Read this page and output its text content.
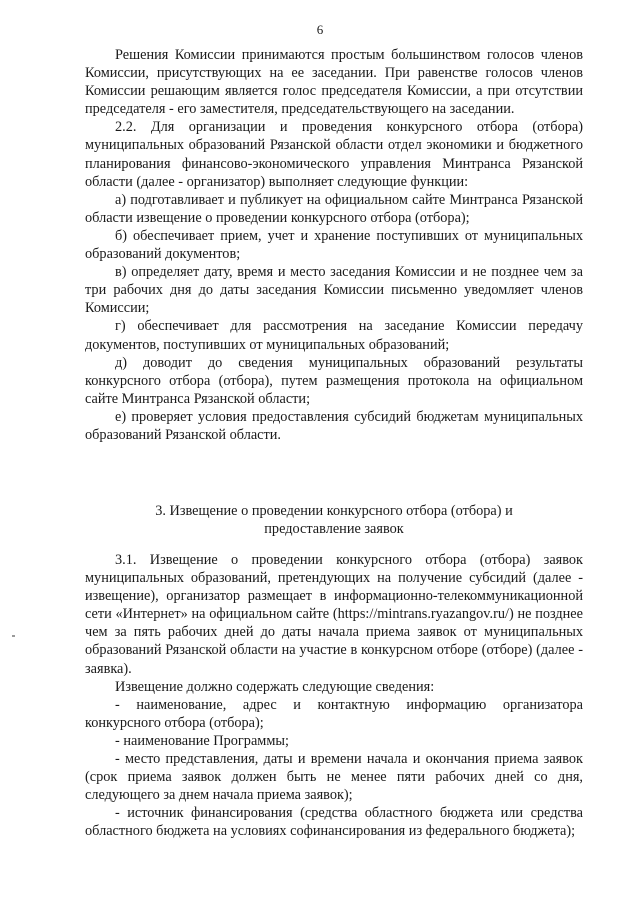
6

Решения Комиссии принимаются простым большинством голосов членов Комиссии, присутствующих на ее заседании. При равенстве голосов членов Комиссии решающим является голос председателя Комиссии, а при отсутствии председателя - его заместителя, председательствующего на заседании.

2.2. Для организации и проведения конкурсного отбора (отбора) муниципальных образований Рязанской области отдел экономики и бюджетного планирования финансово-экономического управления Минтранса Рязанской области (далее - организатор) выполняет следующие функции:

а) подготавливает и публикует на официальном сайте Минтранса Рязанской области извещение о проведении конкурсного отбора (отбора);

б) обеспечивает прием, учет и хранение поступивших от муниципальных образований документов;

в) определяет дату, время и место заседания Комиссии и не позднее чем за три рабочих дня до даты заседания Комиссии письменно уведомляет членов Комиссии;

г) обеспечивает для рассмотрения на заседание Комиссии передачу документов, поступивших от муниципальных образований;

д) доводит до сведения муниципальных образований результаты конкурсного отбора (отбора), путем размещения протокола на официальном сайте Минтранса Рязанской области;

е) проверяет условия предоставления субсидий бюджетам муниципальных образований Рязанской области.

3. Извещение о проведении конкурсного отбора (отбора) и
предоставление заявок

3.1. Извещение о проведении конкурсного отбора (отбора) заявок муниципальных образований, претендующих на получение субсидий (далее - извещение), организатор размещает в информационно-телекоммуникационной сети «Интернет» на официальном сайте (https://mintrans.ryazangov.ru/) не позднее чем за пять рабочих дней до даты начала приема заявок от муниципальных образований Рязанской области на участие в конкурсном отборе (отборе) (далее - заявка).

Извещение должно содержать следующие сведения:

- наименование, адрес и контактную информацию организатора конкурсного отбора (отбора);

- наименование Программы;

- место представления, даты и времени начала и окончания приема заявок (срок приема заявок должен быть не менее пяти рабочих дней со дня, следующего за днем начала приема заявок);

- источник финансирования (средства областного бюджета или средства областного бюджета на условиях софинансирования из федерального бюджета);
